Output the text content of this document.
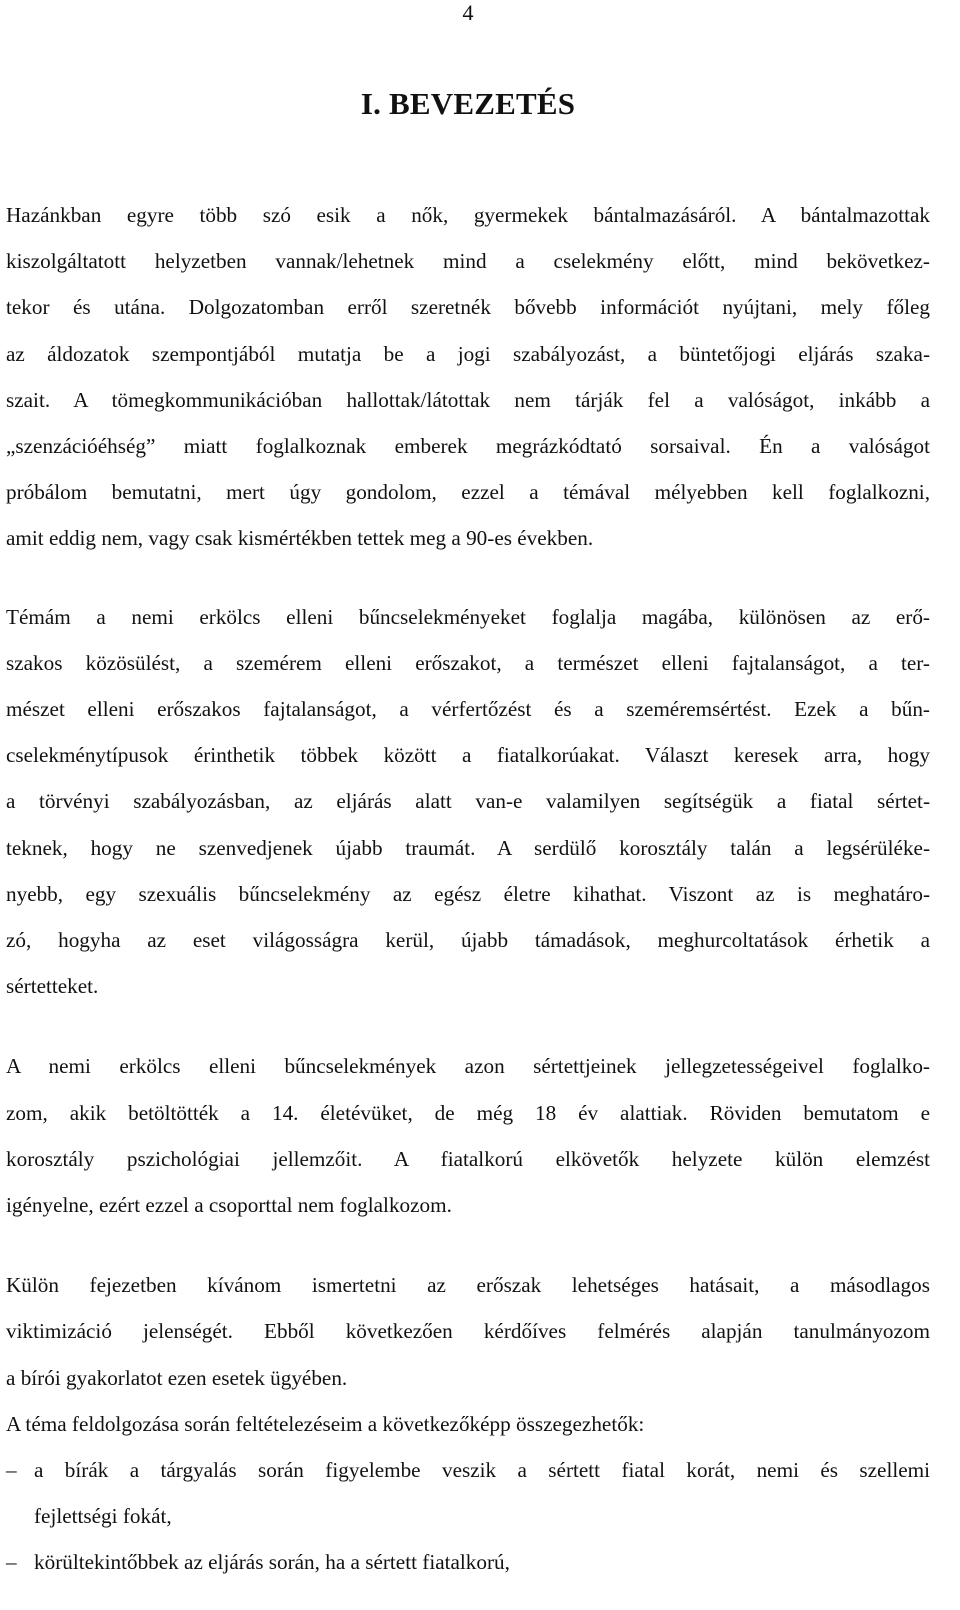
4
I. BEVEZETÉS

Hazánkban egyre több szó esik a nők, gyermekek bántalmazásáról. A bántalmazottak
kiszolgáltatott helyzetben vannak/lehetnek mind a cselekmény előtt, mind bekövetkez-
tekor és utána. Dolgozatomban erről szeretnék bővebb információt nyújtani, mely főleg
az áldozatok szempontjából mutatja be a jogi szabályozást, a büntetőjogi eljárás szaka-
szait. A tömegkommunikációban hallottak/látottak nem tárják fel a valóságot, inkább a
„szenzációéhség” miatt foglalkoznak emberek megrázkódtató sorsaival. Én a valóságot
próbálom bemutatni, mert úgy gondolom, ezzel a témával mélyebben kell foglalkozni,
amit eddig nem, vagy csak kismértékben tettek meg a 90-es években.

Témám a nemi erkölcs elleni bűncselekményeket foglalja magába, különösen az erő-
szakos közösülést, a szemérem elleni erőszakot, a természet elleni fajtalanságot, a ter-
mészet elleni erőszakos fajtalanságot, a vérfertőzést és a szeméremsértést. Ezek a bűn-
cselekménytípusok érinthetik többek között a fiatalkorúakat. Választ keresek arra, hogy
a törvényi szabályozásban, az eljárás alatt van-e valamilyen segítségük a fiatal sértet-
teknek, hogy ne szenvedjenek újabb traumát. A serdülő korosztály talán a legsérüléke-
nyebb, egy szexuális bűncselekmény az egész életre kihathat. Viszont az is meghatáro-
zó, hogyha az eset világosságra kerül, újabb támadások, meghurcoltatások érhetik a
sértetteket.

A nemi erkölcs elleni bűncselekmények azon sértettjeinek jellegzetességeivel foglalko-
zom, akik betöltötték a 14. életévüket, de még 18 év alattiak. Röviden bemutatom e
korosztály pszichológiai jellemzőit. A fiatalkorú elkövetők helyzete külön elemzést
igényelne, ezért ezzel a csoporttal nem foglalkozom.

Külön fejezetben kívánom ismertetni az erőszak lehetséges hatásait, a másodlagos
viktimizáció jelenségét. Ebből következően kérdőíves felmérés alapján tanulmányozom
a bírói gyakorlatot ezen esetek ügyében.

A téma feldolgozása során feltételezéseim a következőképp összegezhetők:

– a bírák a tárgyalás során figyelembe veszik a sértett fiatal korát, nemi és szellemi
fejlettségi fokát,
– körültekintőbbek az eljárás során, ha a sértett fiatalkorú,
